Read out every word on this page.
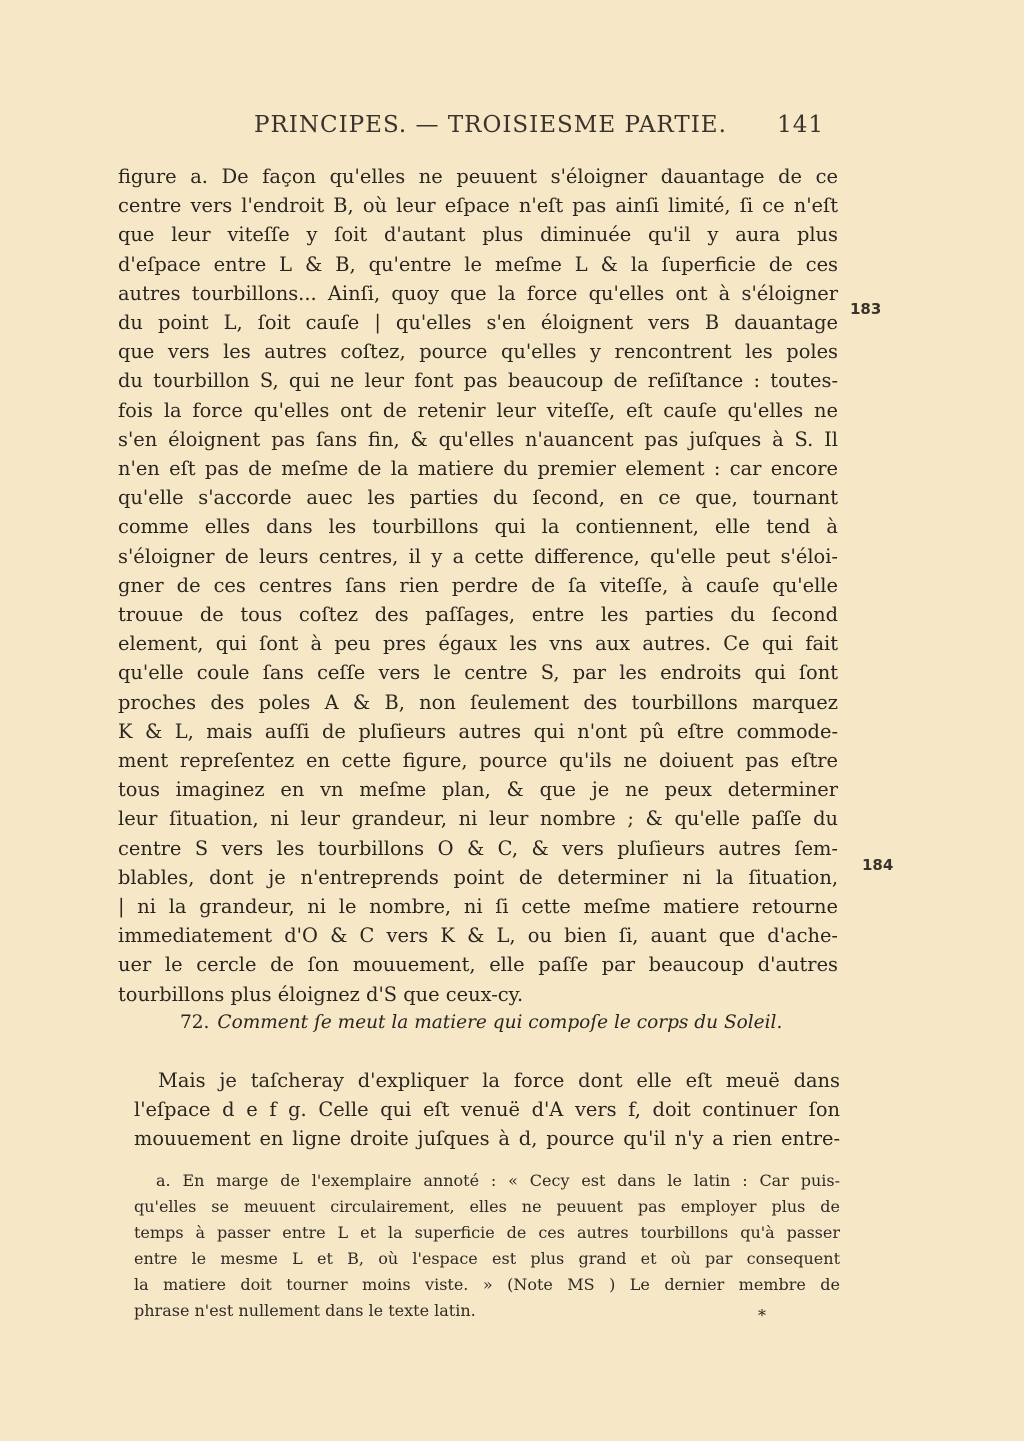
PRINCIPES. — TROISIESME PARTIE. 141
figure a. De façon qu'elles ne peuuent s'éloigner dauantage de ce
centre vers l'endroit B, où leur eſpace n'eſt pas ainſi limité, ſi ce n'eſt
que leur viteſſe y ſoit d'autant plus diminuée qu'il y aura plus
d'eſpace entre L & B, qu'entre le meſme L & la ſuperficie de ces
autres tourbillons... Ainſi, quoy que la force qu'elles ont à s'éloigner
du point L, ſoit cauſe | qu'elles s'en éloignent vers B dauantage
que vers les autres coſtez, pource qu'elles y rencontrent les poles
du tourbillon S, qui ne leur font pas beaucoup de reſiſtance : toutes-
fois la force qu'elles ont de retenir leur viteſſe, eſt cauſe qu'elles ne
s'en éloignent pas ſans fin, & qu'elles n'auancent pas juſques à S. Il
n'en eſt pas de meſme de la matiere du premier element : car encore
qu'elle s'accorde auec les parties du ſecond, en ce que, tournant
comme elles dans les tourbillons qui la contiennent, elle tend à
s'éloigner de leurs centres, il y a cette difference, qu'elle peut s'éloi-
gner de ces centres ſans rien perdre de ſa viteſſe, à cauſe qu'elle
trouue de tous coſtez des paſſages, entre les parties du ſecond
element, qui ſont à peu pres égaux les vns aux autres. Ce qui fait
qu'elle coule ſans ceſſe vers le centre S, par les endroits qui ſont
proches des poles A & B, non ſeulement des tourbillons marquez
K & L, mais auſſi de pluſieurs autres qui n'ont pû eſtre commode-
ment repreſentez en cette figure, pource qu'ils ne doiuent pas eſtre
tous imaginez en vn meſme plan, & que je ne peux determiner
leur ſituation, ni leur grandeur, ni leur nombre ; & qu'elle paſſe du
centre S vers les tourbillons O & C, & vers pluſieurs autres ſem-
blables, dont je n'entreprends point de determiner ni la ſituation,
| ni la grandeur, ni le nombre, ni ſi cette meſme matiere retourne
immediatement d'O & C vers K & L, ou bien ſi, auant que d'ache-
uer le cercle de ſon mouuement, elle paſſe par beaucoup d'autres
tourbillons plus éloignez d'S que ceux-cy.
183
184
72. Comment ſe meut la matiere qui compoſe le corps du Soleil.
Mais je taſcheray d'expliquer la force dont elle eſt meuë dans
l'eſpace d e f g. Celle qui eſt venuë d'A vers f, doit continuer ſon
mouuement en ligne droite juſques à d, pource qu'il n'y a rien entre-
a. En marge de l'exemplaire annoté : « Cecy est dans le latin : Car puis-
qu'elles se meuuent circulairement, elles ne peuuent pas employer plus de
temps à passer entre L et la superficie de ces autres tourbillons qu'à passer
entre le mesme L et B, où l'espace est plus grand et où par consequent
la matiere doit tourner moins viste. » (Note MS ) Le dernier membre de
phrase n'est nullement dans le texte latin.	*
